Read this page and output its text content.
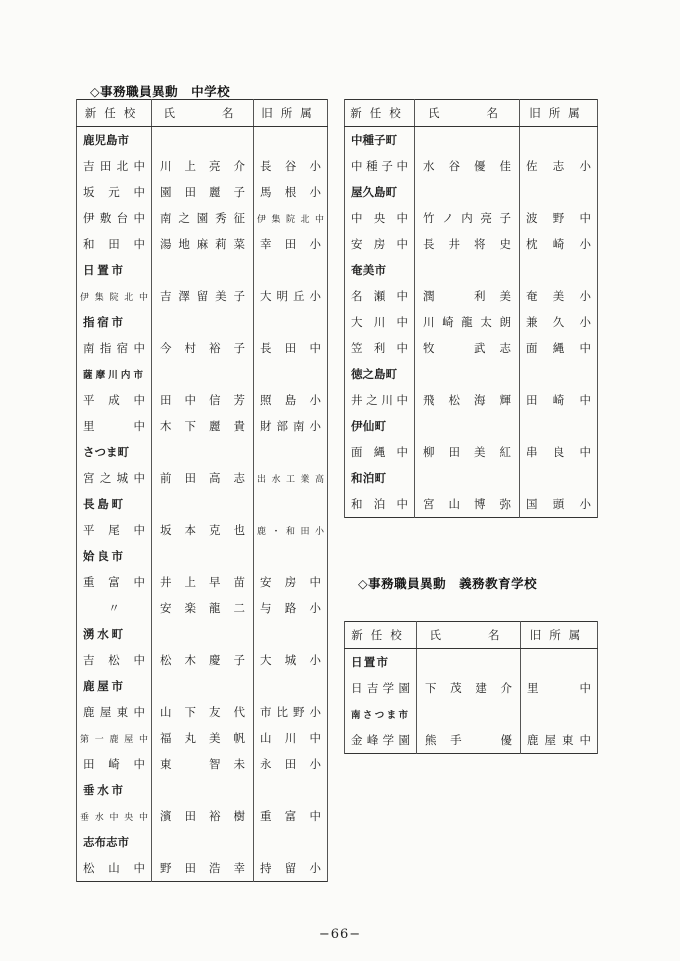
◇事務職員異動　中学校
新任校	氏　　名	旧所属
鹿児島市		
吉田北中	川上亮介	長谷小
坂元中	園田麗子	馬根小
伊敷台中	南之園秀征	伊集院北中
和田中	湯地麻莉菜	幸田小
日置市		
伊集院北中	吉澤留美子	大明丘小
指宿市		
南指宿中	今村裕子	長田中
薩摩川内市		
平成中	田中信芳	照島小
里中	木下麗貴	財部南小
さつま町		
宮之城中	前田高志	出水工業高
長島町		
平尾中	坂本克也	鹿・和田小
姶良市		
重富中	井上早苗	安房中
〃	安楽龍二	与路小
湧水町		
吉松中	松木慶子	大城小
鹿屋市		
鹿屋東中	山下友代	市比野小
第一鹿屋中	福丸美帆	山川中
田崎中	東　智未	永田小
垂水市		
垂水中央中	濱田裕樹	重富中
志布志市		
松山中	野田浩幸	持留小
新任校	氏　　名	旧所属
中種子町		
中種子中	水谷優佳	佐志小
屋久島町		
中央中	竹ノ内亮子	波野中
安房中	長井将史	枕崎小
奄美市		
名瀬中	潤　利美	奄美小
大川中	川崎龍太朗	兼久小
笠利中	牧　武志	面縄中
徳之島町		
井之川中	飛松海輝	田崎中
伊仙町		
面縄中	柳田美紅	串良中
和泊町		
和泊中	宮山博弥	国頭小
◇事務職員異動　義務教育学校
新任校	氏　　名	旧所属
日置市		
日吉学園	下茂建介	里　中
南さつま市		
金峰学園	熊手　優	鹿屋東中
−66−
